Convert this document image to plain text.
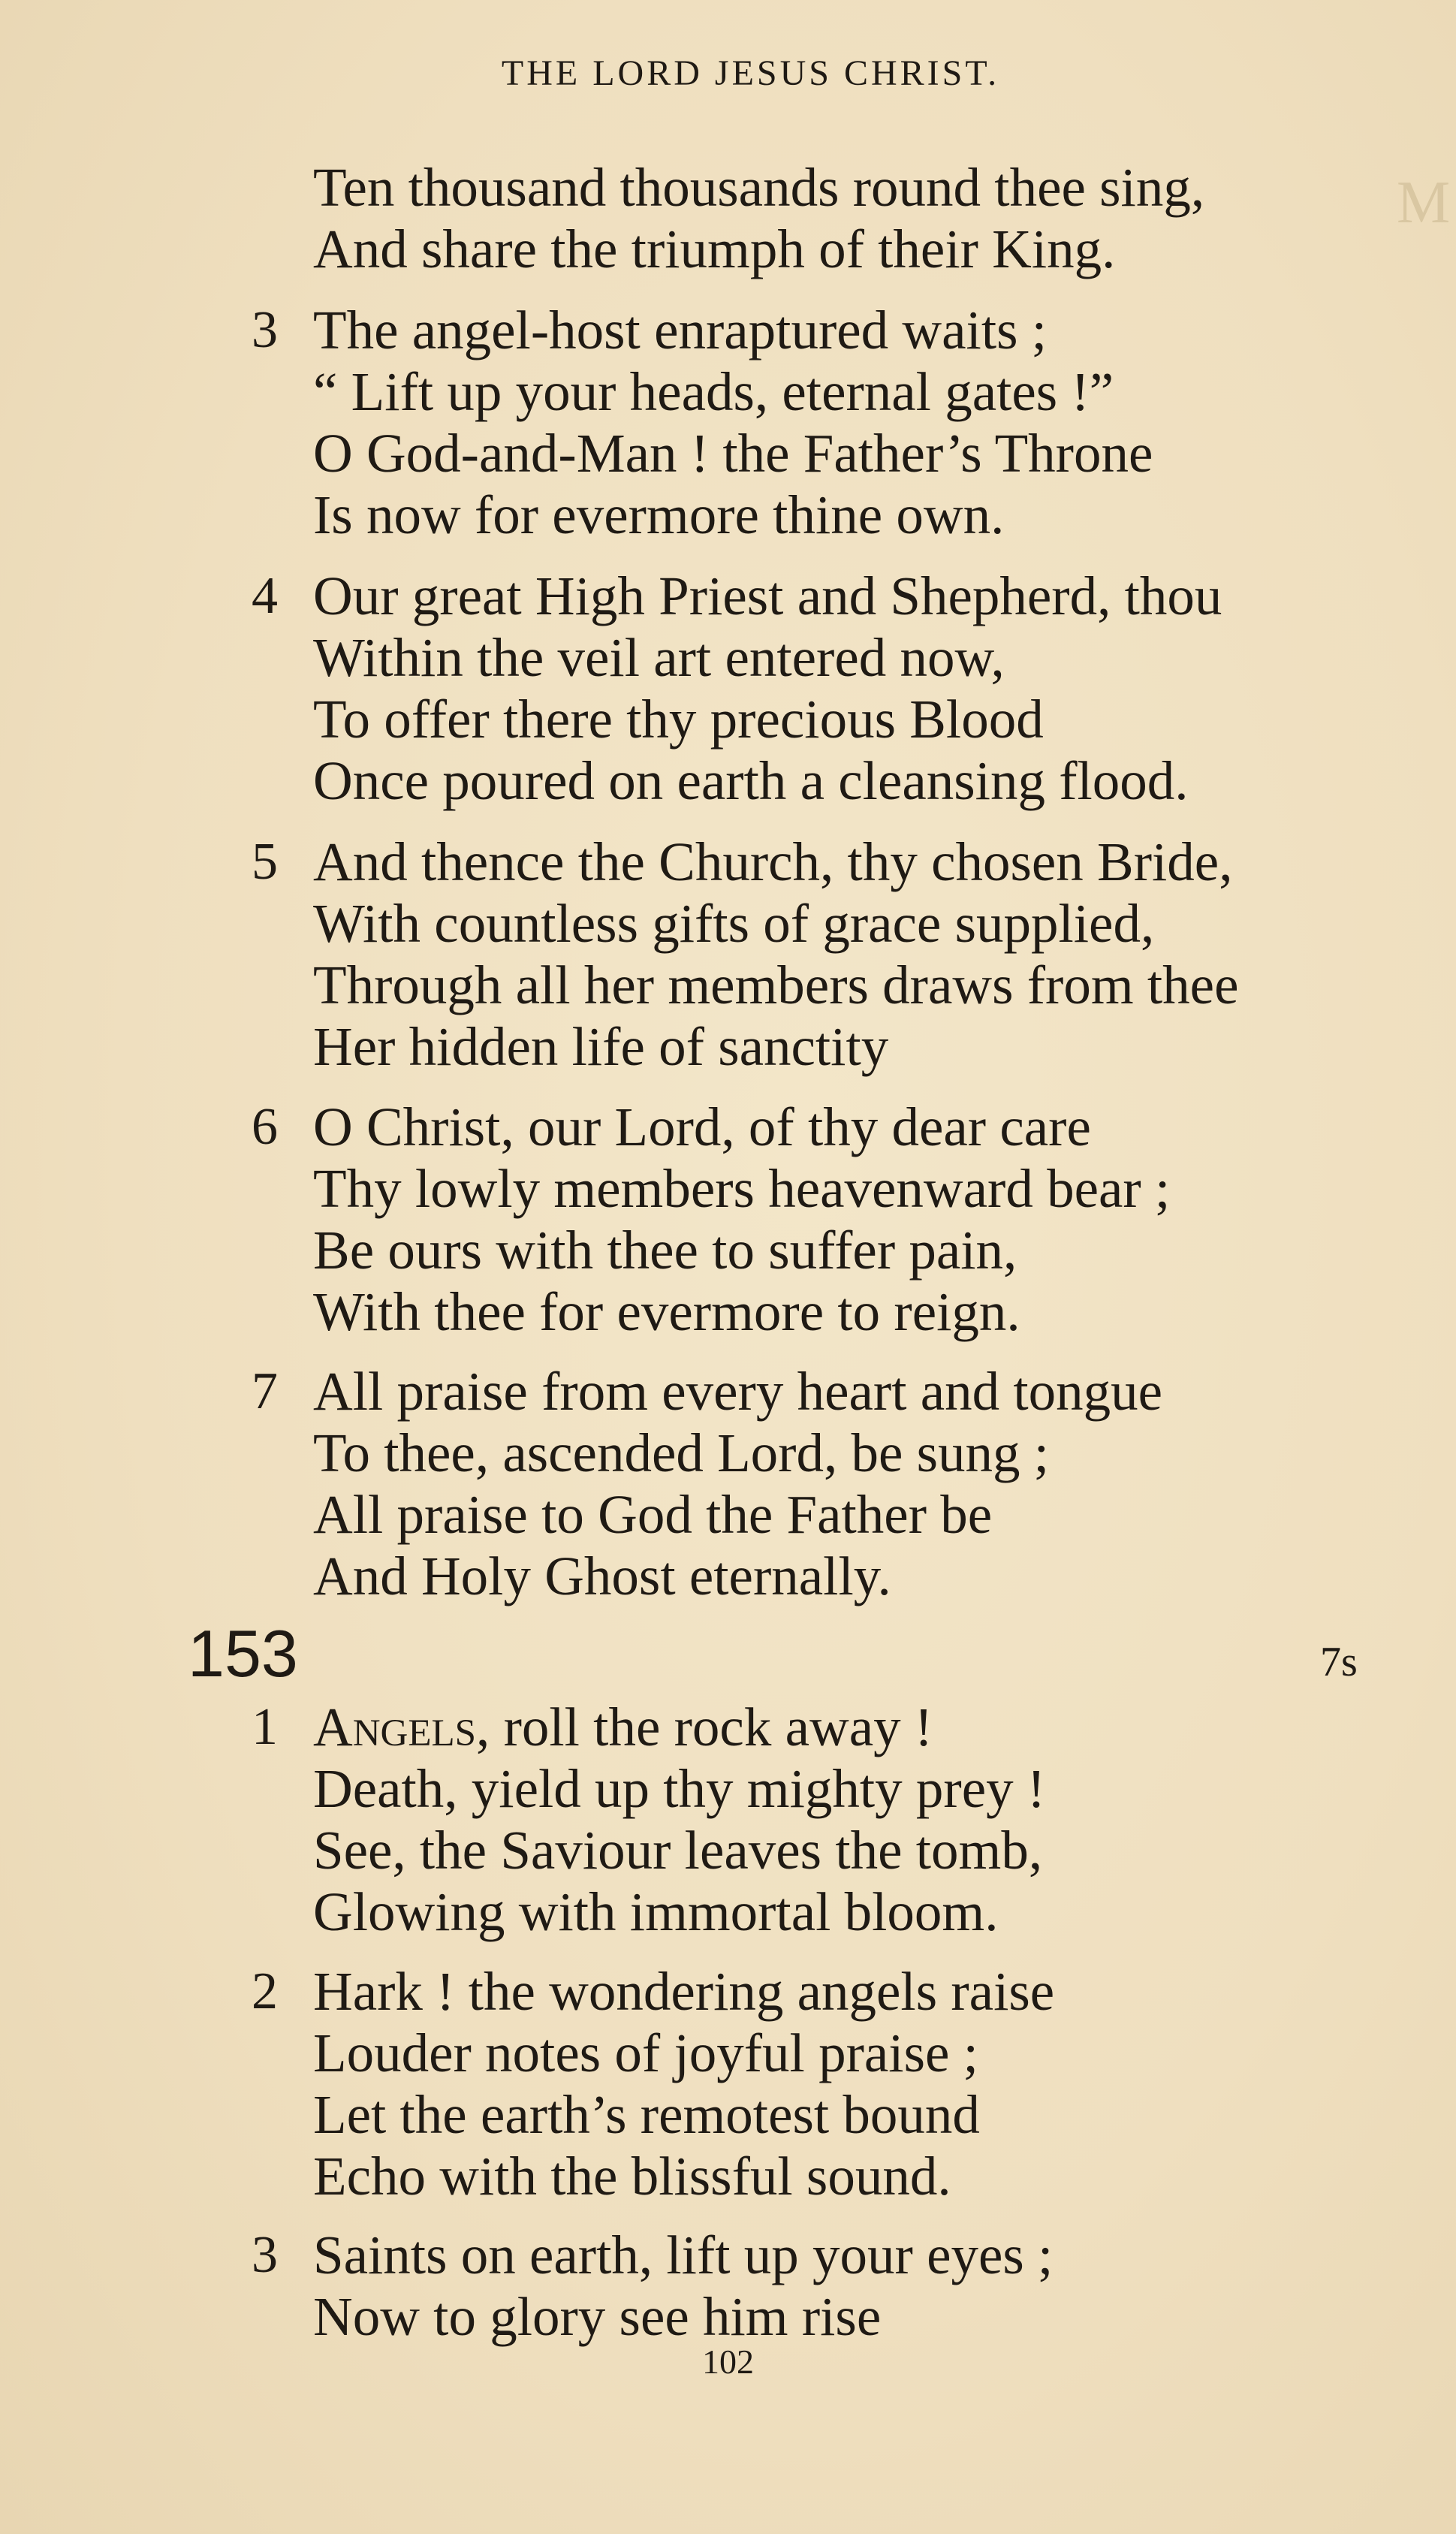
M
THE LORD JESUS CHRIST.
Ten thousand thousands round thee sing,
And share the triumph of their King.
3 The angel-host enraptured waits ;
“ Lift up your heads, eternal gates !”
O God-and-Man ! the Father’s Throne
Is now for evermore thine own.
4 Our great High Priest and Shepherd, thou
Within the veil art entered now,
To offer there thy precious Blood
Once poured on earth a cleansing flood.
5 And thence the Church, thy chosen Bride,
With countless gifts of grace supplied,
Through all her members draws from thee
Her hidden life of sanctity
6 O Christ, our Lord, of thy dear care
Thy lowly members heavenward bear ;
Be ours with thee to suffer pain,
With thee for evermore to reign.
7 All praise from every heart and tongue
To thee, ascended Lord, be sung ;
All praise to God the Father be
And Holy Ghost eternally.
153	7s
1 Angels, roll the rock away !
Death, yield up thy mighty prey !
See, the Saviour leaves the tomb,
Glowing with immortal bloom.
2 Hark ! the wondering angels raise
Louder notes of joyful praise ;
Let the earth’s remotest bound
Echo with the blissful sound.
3 Saints on earth, lift up your eyes ;
Now to glory see him rise
102
